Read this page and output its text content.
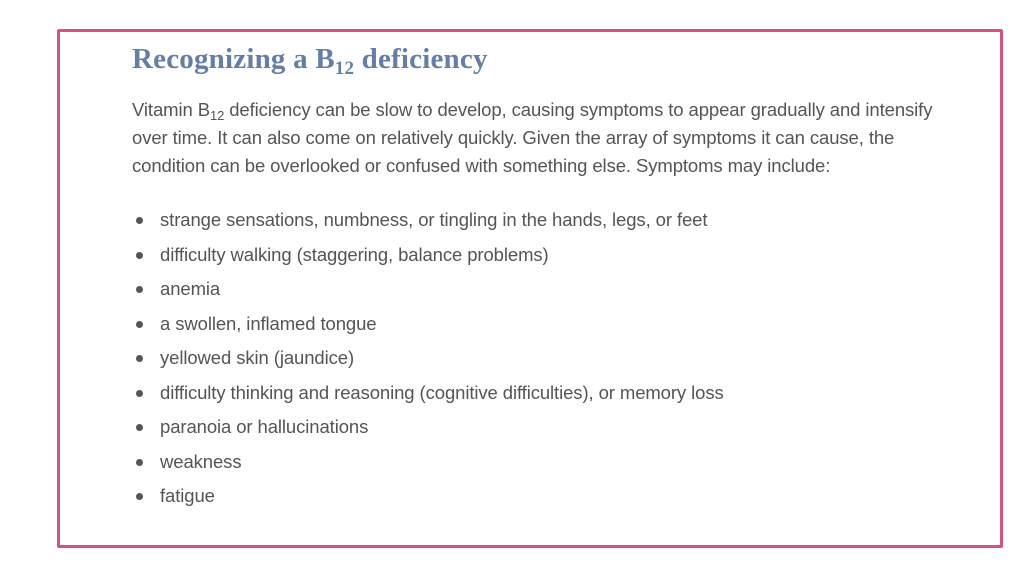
Recognizing a $B_{12}$ deficiency

Vitamin $B_{12}$ deficiency can be slow to develop, causing symptoms to appear gradually and intensify over time. It can also come on relatively quickly. Given the array of symptoms it can cause, the condition can be overlooked or confused with something else. Symptoms may include:

strange sensations, numbness, or tingling in the hands, legs, or feet
difficulty walking (staggering, balance problems)
anemia
a swollen, inflamed tongue
yellowed skin (jaundice)
difficulty thinking and reasoning (cognitive difficulties), or memory loss
paranoia or hallucinations
weakness
fatigue
